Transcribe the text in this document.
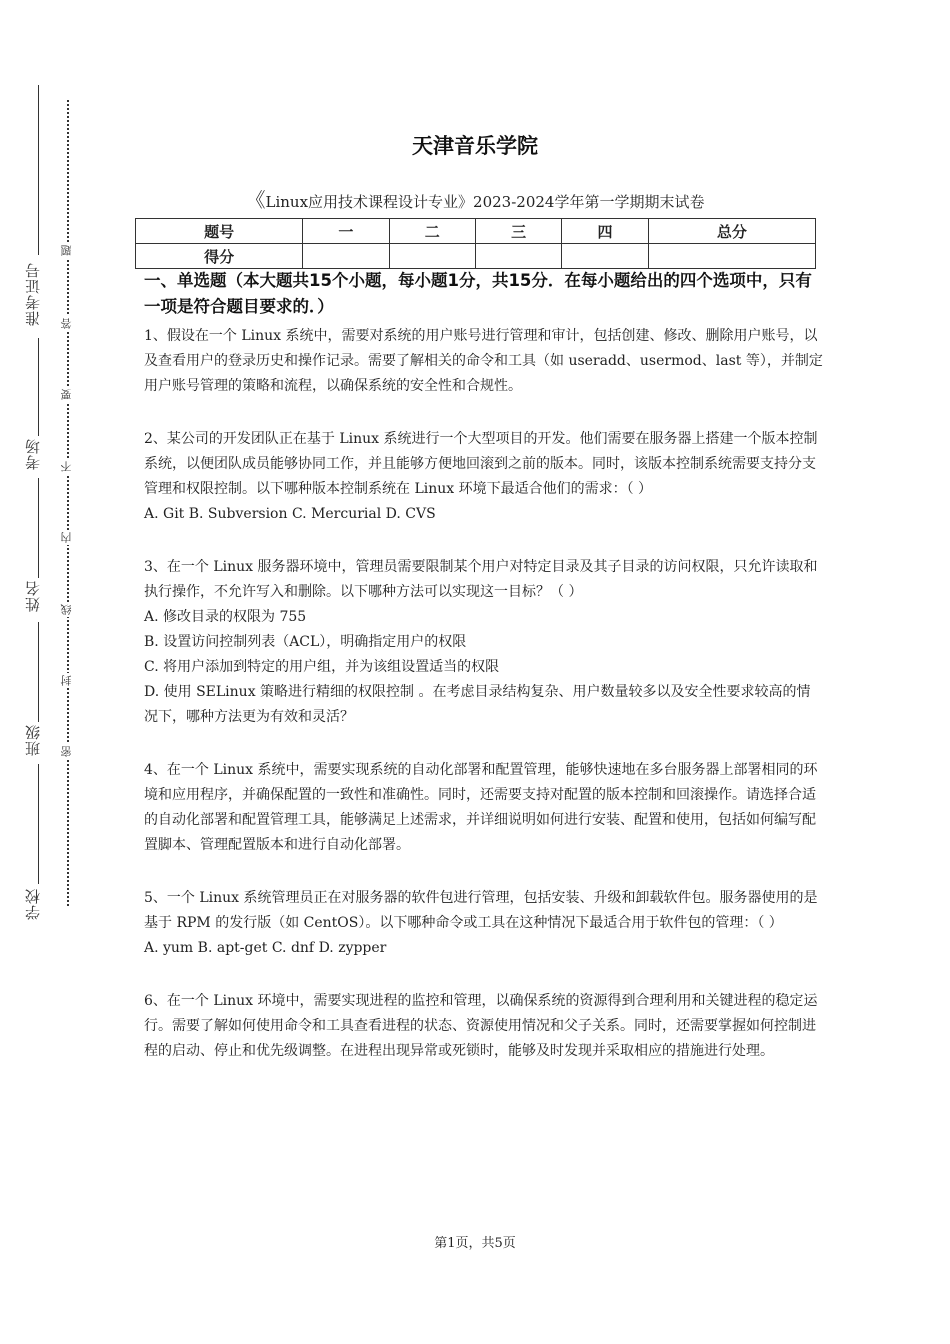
准考证号
考场
姓名
班级
学校
题
答
要
不
内
线
封
密
天津音乐学院
《Linux应用技术课程设计专业》2023-2024学年第一学期期末试卷
题号	一	二	三	四	总分
得分					
一、单选题（本大题共15个小题，每小题1分，共15分．在每小题给出的四个选项中，只有一项是符合题目要求的．）

1、假设在一个 Linux 系统中，需要对系统的用户账号进行管理和审计，包括创建、修改、删除用户账号，以及查看用户的登录历史和操作记录。需要了解相关的命令和工具（如 useradd、usermod、last 等），并制定用户账号管理的策略和流程，以确保系统的安全性和合规性。

2、某公司的开发团队正在基于 Linux 系统进行一个大型项目的开发。他们需要在服务器上搭建一个版本控制系统，以便团队成员能够协同工作，并且能够方便地回滚到之前的版本。同时，该版本控制系统需要支持分支管理和权限控制。以下哪种版本控制系统在 Linux 环境下最适合他们的需求：（ ）

A. Git B. Subversion C. Mercurial D. CVS

3、在一个 Linux 服务器环境中，管理员需要限制某个用户对特定目录及其子目录的访问权限，只允许读取和执行操作，不允许写入和删除。以下哪种方法可以实现这一目标？（ ）

A. 修改目录的权限为 755

B. 设置访问控制列表（ACL），明确指定用户的权限

C. 将用户添加到特定的用户组，并为该组设置适当的权限

D. 使用 SELinux 策略进行精细的权限控制 。在考虑目录结构复杂、用户数量较多以及安全性要求较高的情况下，哪种方法更为有效和灵活？

4、在一个 Linux 系统中，需要实现系统的自动化部署和配置管理，能够快速地在多台服务器上部署相同的环境和应用程序，并确保配置的一致性和准确性。同时，还需要支持对配置的版本控制和回滚操作。请选择合适的自动化部署和配置管理工具，能够满足上述需求，并详细说明如何进行安装、配置和使用，包括如何编写配置脚本、管理配置版本和进行自动化部署。

5、一个 Linux 系统管理员正在对服务器的软件包进行管理，包括安装、升级和卸载软件包。服务器使用的是基于 RPM 的发行版（如 CentOS）。以下哪种命令或工具在这种情况下最适合用于软件包的管理：（ ）

A. yum B. apt-get C. dnf D. zypper

6、在一个 Linux 环境中，需要实现进程的监控和管理，以确保系统的资源得到合理利用和关键进程的稳定运行。需要了解如何使用命令和工具查看进程的状态、资源使用情况和父子关系。同时，还需要掌握如何控制进程的启动、停止和优先级调整。在进程出现异常或死锁时，能够及时发现并采取相应的措施进行处理。

第1页，共5页
